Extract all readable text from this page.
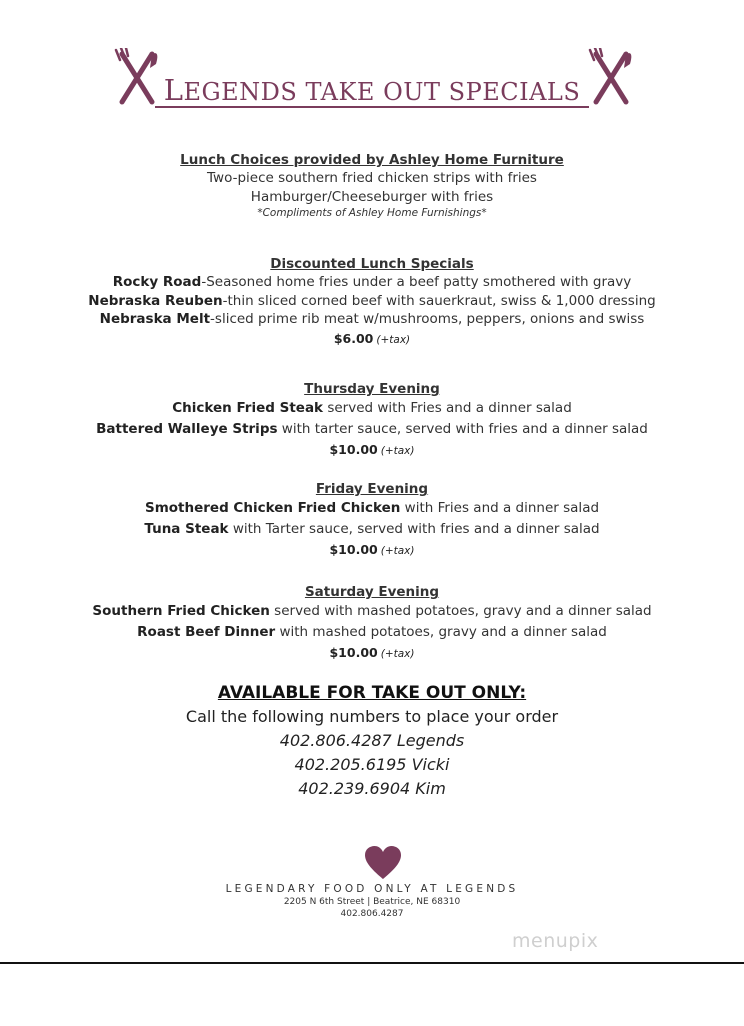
LEGENDS TAKE OUT SPECIALS
Lunch Choices provided by Ashley Home Furniture
Two-piece southern fried chicken strips with fries
Hamburger/Cheeseburger with fries
*Compliments of Ashley Home Furnishings*
Discounted Lunch Specials
Rocky Road-Seasoned home fries under a beef patty smothered with gravy
Nebraska Reuben-thin sliced corned beef with sauerkraut, swiss & 1,000 dressing
Nebraska Melt-sliced prime rib meat w/mushrooms, peppers, onions and swiss
$6.00 (+tax)
Thursday Evening
Chicken Fried Steak served with Fries and a dinner salad
Battered Walleye Strips with tarter sauce, served with fries and a dinner salad
$10.00 (+tax)
Friday Evening
Smothered Chicken Fried Chicken with Fries and a dinner salad
Tuna Steak with Tarter sauce, served with fries and a dinner salad
$10.00 (+tax)
Saturday Evening
Southern Fried Chicken served with mashed potatoes, gravy and a dinner salad
Roast Beef Dinner with mashed potatoes, gravy and a dinner salad
$10.00 (+tax)
AVAILABLE FOR TAKE OUT ONLY:
Call the following numbers to place your order
402.806.4287 Legends
402.205.6195 Vicki
402.239.6904 Kim
LEGENDARY FOOD ONLY AT LEGENDS
2205 N 6th Street | Beatrice, NE 68310
402.806.4287
menupix
